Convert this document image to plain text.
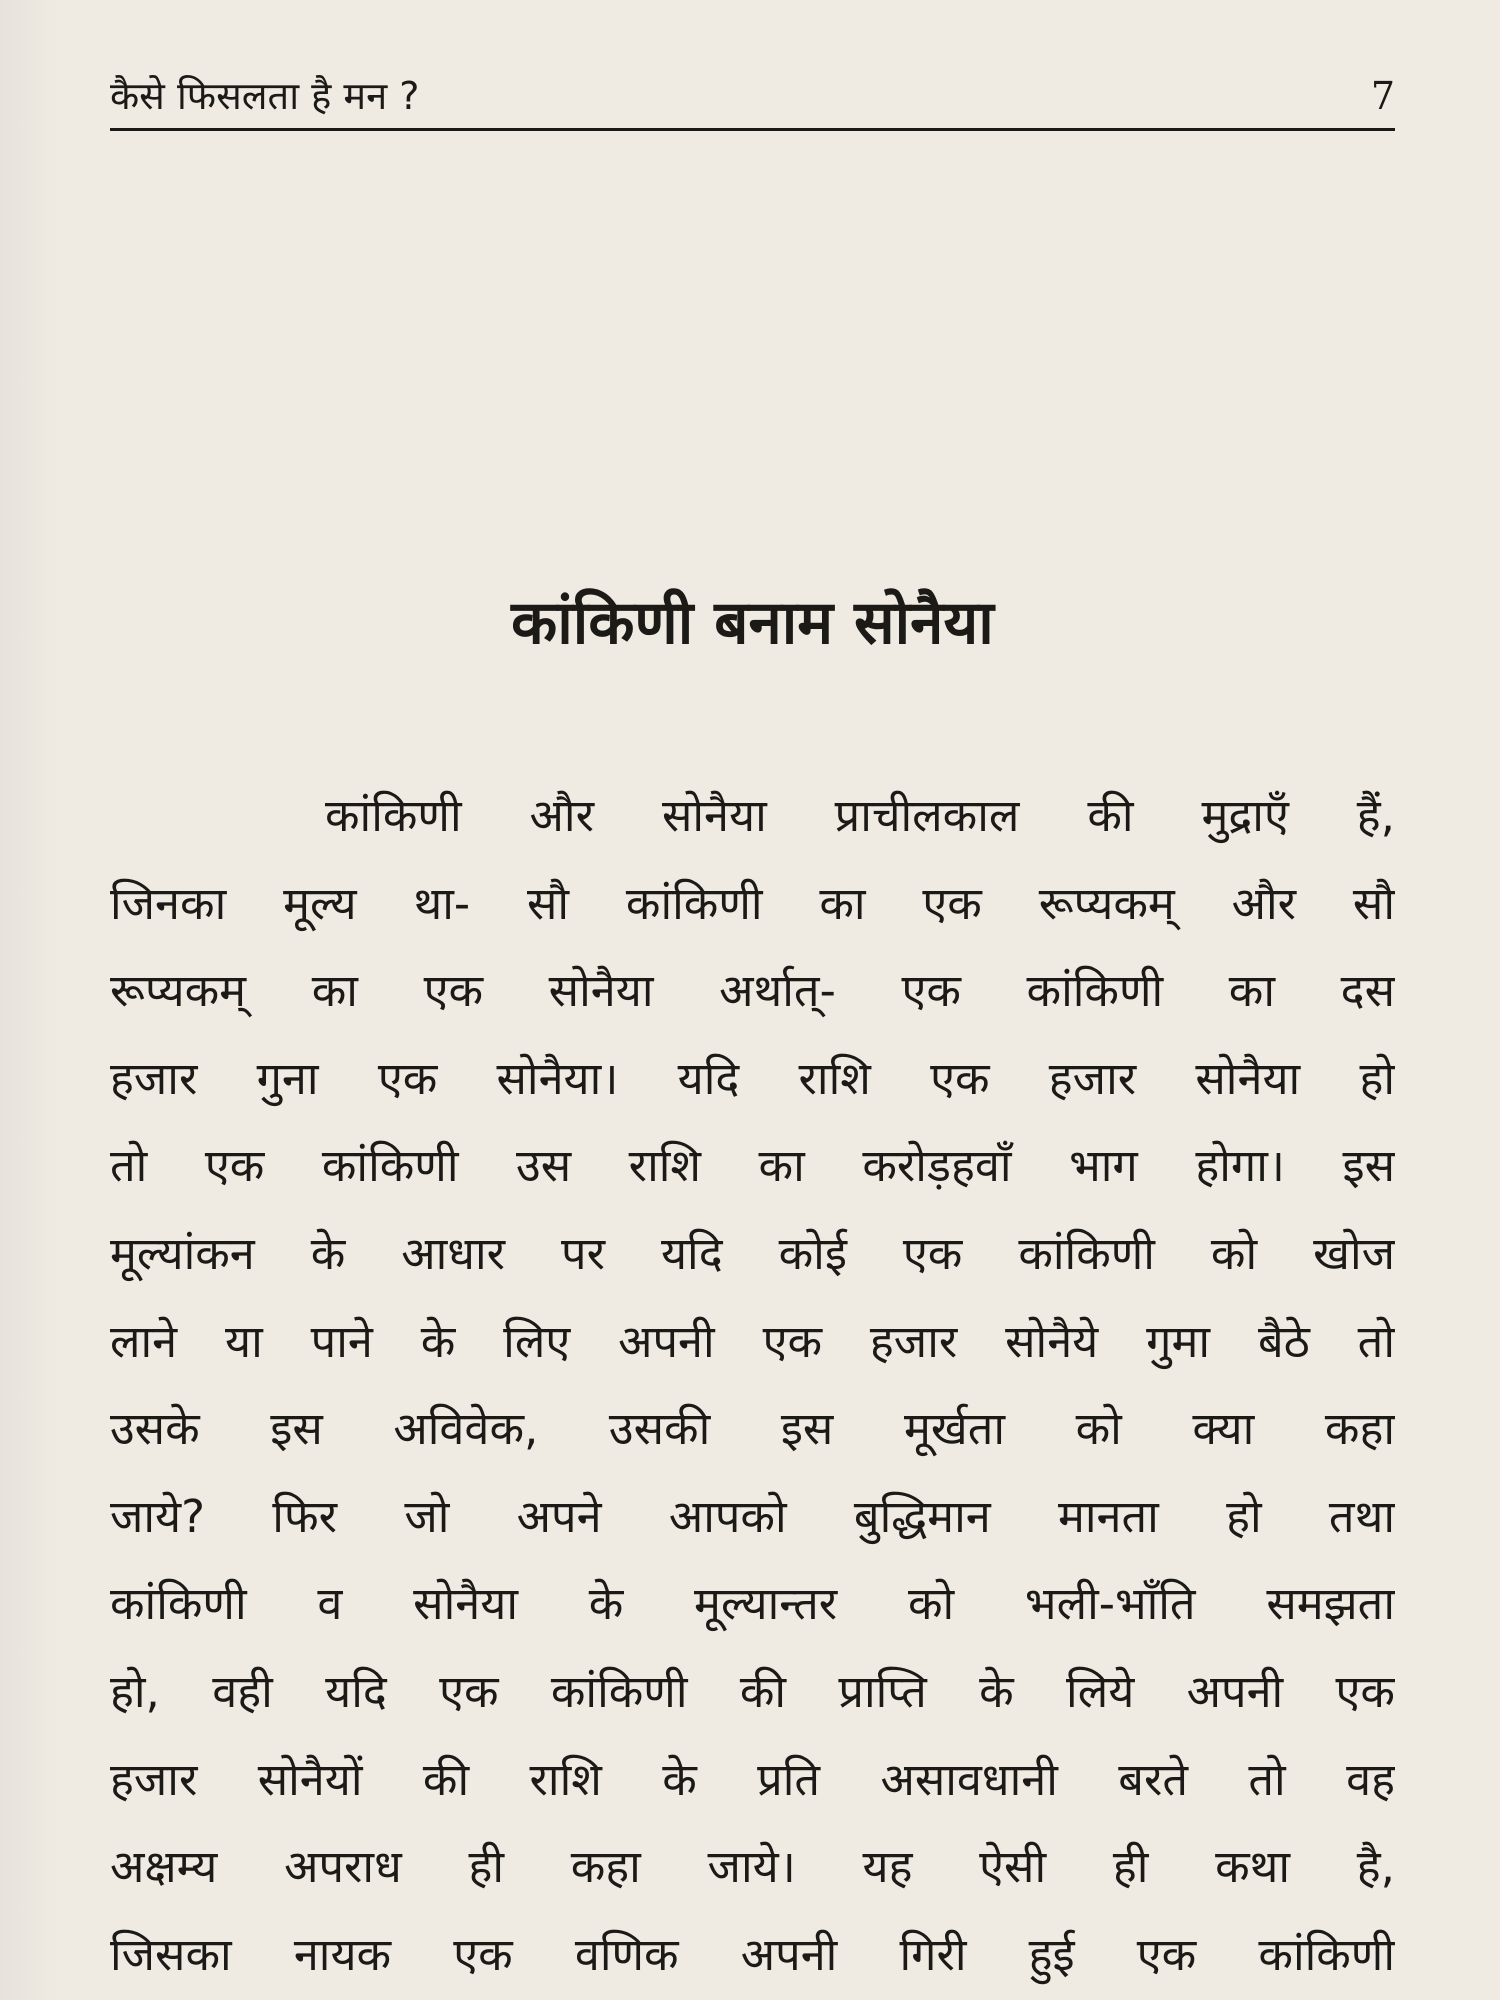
कैसे फिसलता है मन ?	7
कांकिणी बनाम सोनैया
कांकिणी और सोनैया प्राचीलकाल की मुद्राएँ हैं,
जिनका मूल्य था- सौ कांकिणी का एक रूप्यकम् और सौ
रूप्यकम् का एक सोनैया अर्थात्- एक कांकिणी का दस
हजार गुना एक सोनैया। यदि राशि एक हजार सोनैया हो
तो एक कांकिणी उस राशि का करोड़हवाँ भाग होगा। इस
मूल्यांकन के आधार पर यदि कोई एक कांकिणी को खोज
लाने या पाने के लिए अपनी एक हजार सोनैये गुमा बैठे तो
उसके इस अविवेक, उसकी इस मूर्खता को क्या कहा
जाये? फिर जो अपने आपको बुद्धिमान मानता हो तथा
कांकिणी व सोनैया के मूल्यान्तर को भली-भाँति समझता
हो, वही यदि एक कांकिणी की प्राप्ति के लिये अपनी एक
हजार सोनैयों की राशि के प्रति असावधानी बरते तो वह
अक्षम्य अपराध ही कहा जाये। यह ऐसी ही कथा है,
जिसका नायक एक वणिक अपनी गिरी हुई एक कांकिणी
